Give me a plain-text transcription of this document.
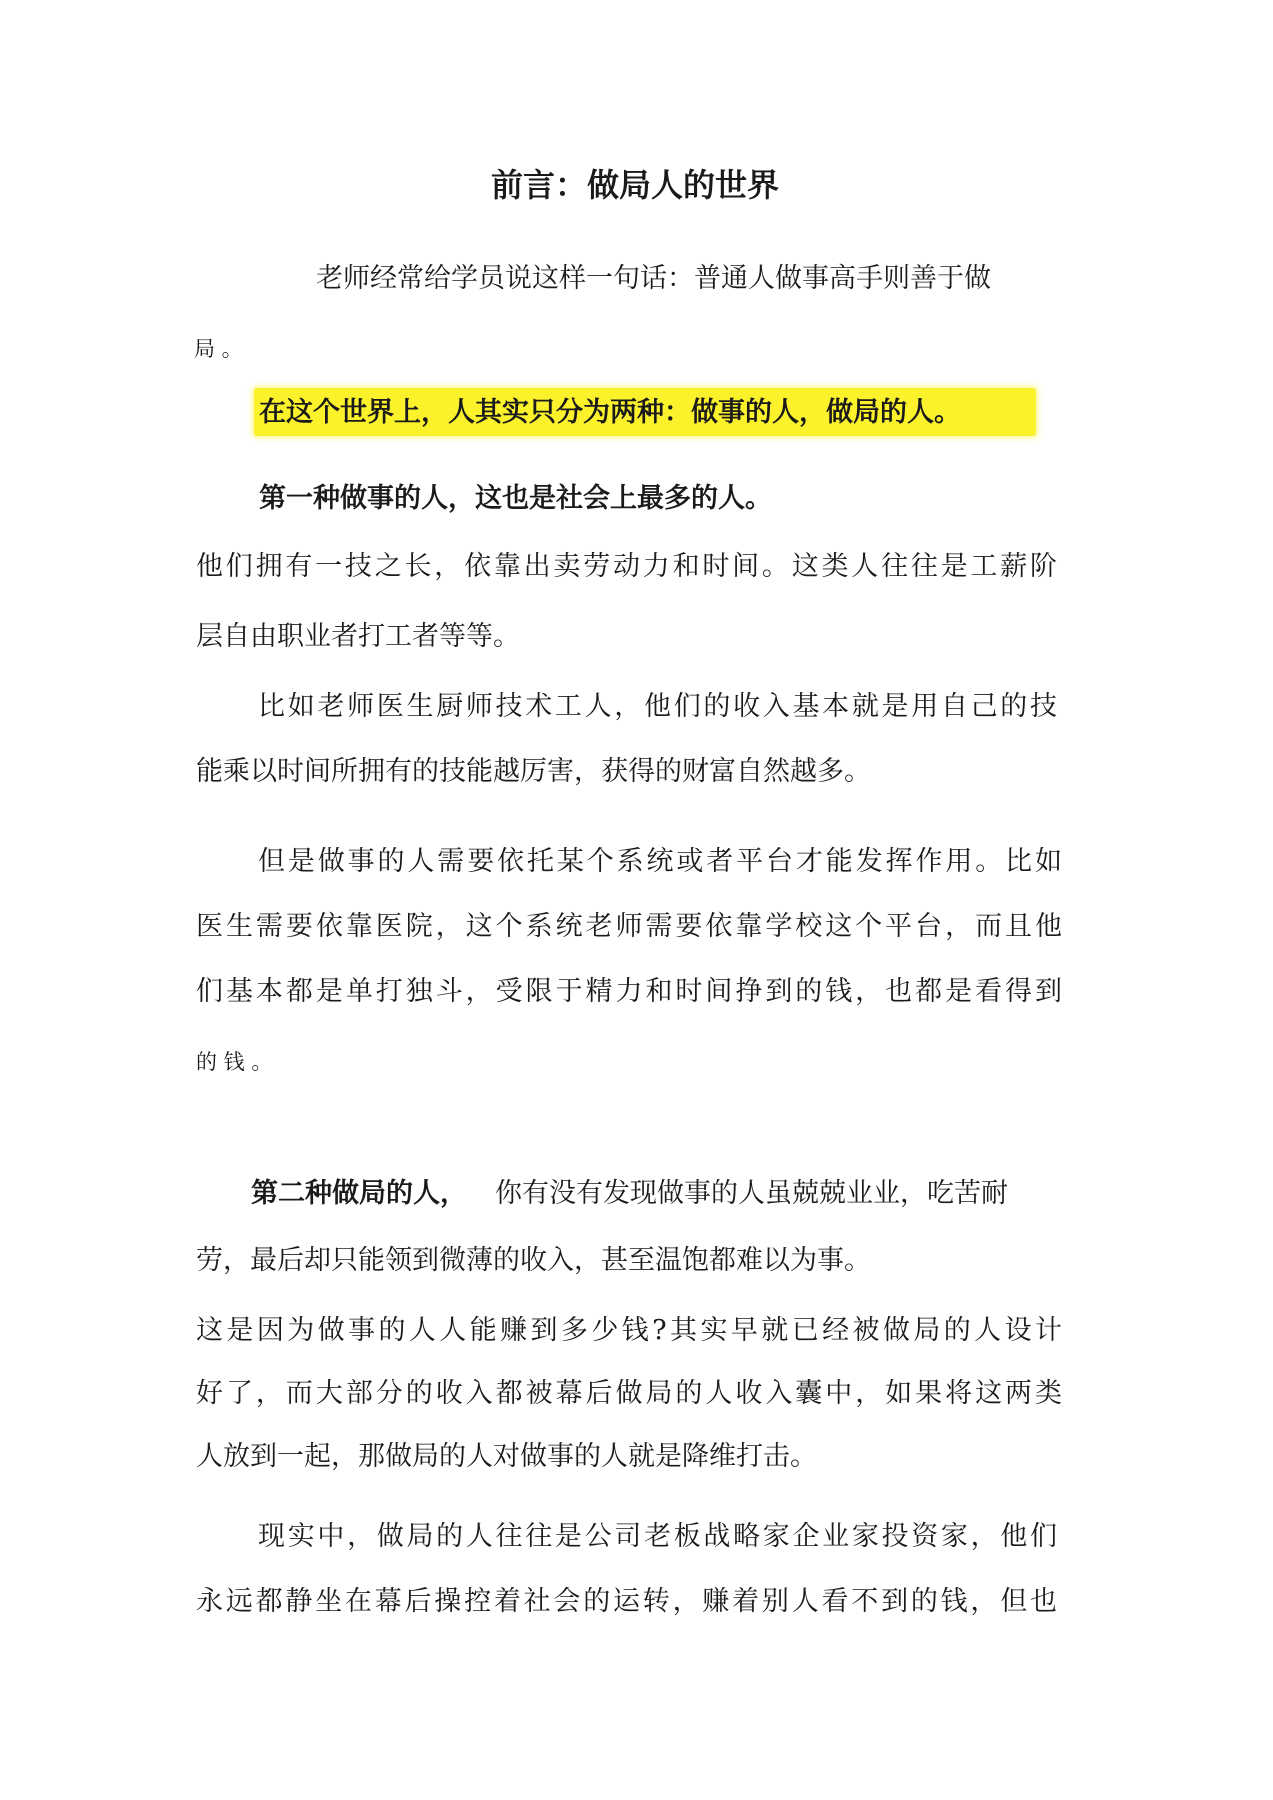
前言：做局人的世界
老师经常给学员说这样一句话：普通人做事高手则善于做
局 。
在这个世界上，人其实只分为两种：做事的人，做局的人。
第一种做事的人，这也是社会上最多的人。
他们拥有一技之长，依靠出卖劳动力和时间。这类人往往是工薪阶
层自由职业者打工者等等。
比如老师医生厨师技术工人，他们的收入基本就是用自己的技
能乘以时间所拥有的技能越厉害，获得的财富自然越多。
但是做事的人需要依托某个系统或者平台才能发挥作用。比如
医生需要依靠医院，这个系统老师需要依靠学校这个平台，而且他
们基本都是单打独斗，受限于精力和时间挣到的钱，也都是看得到
的 钱 。
第二种做局的人， 你有没有发现做事的人虽兢兢业业，吃苦耐
劳，最后却只能领到微薄的收入，甚至温饱都难以为事。
这是因为做事的人人能赚到多少钱?其实早就已经被做局的人设计
好了，而大部分的收入都被幕后做局的人收入囊中，如果将这两类
人放到一起，那做局的人对做事的人就是降维打击。
现实中，做局的人往往是公司老板战略家企业家投资家，他们
永远都静坐在幕后操控着社会的运转，赚着别人看不到的钱，但也
